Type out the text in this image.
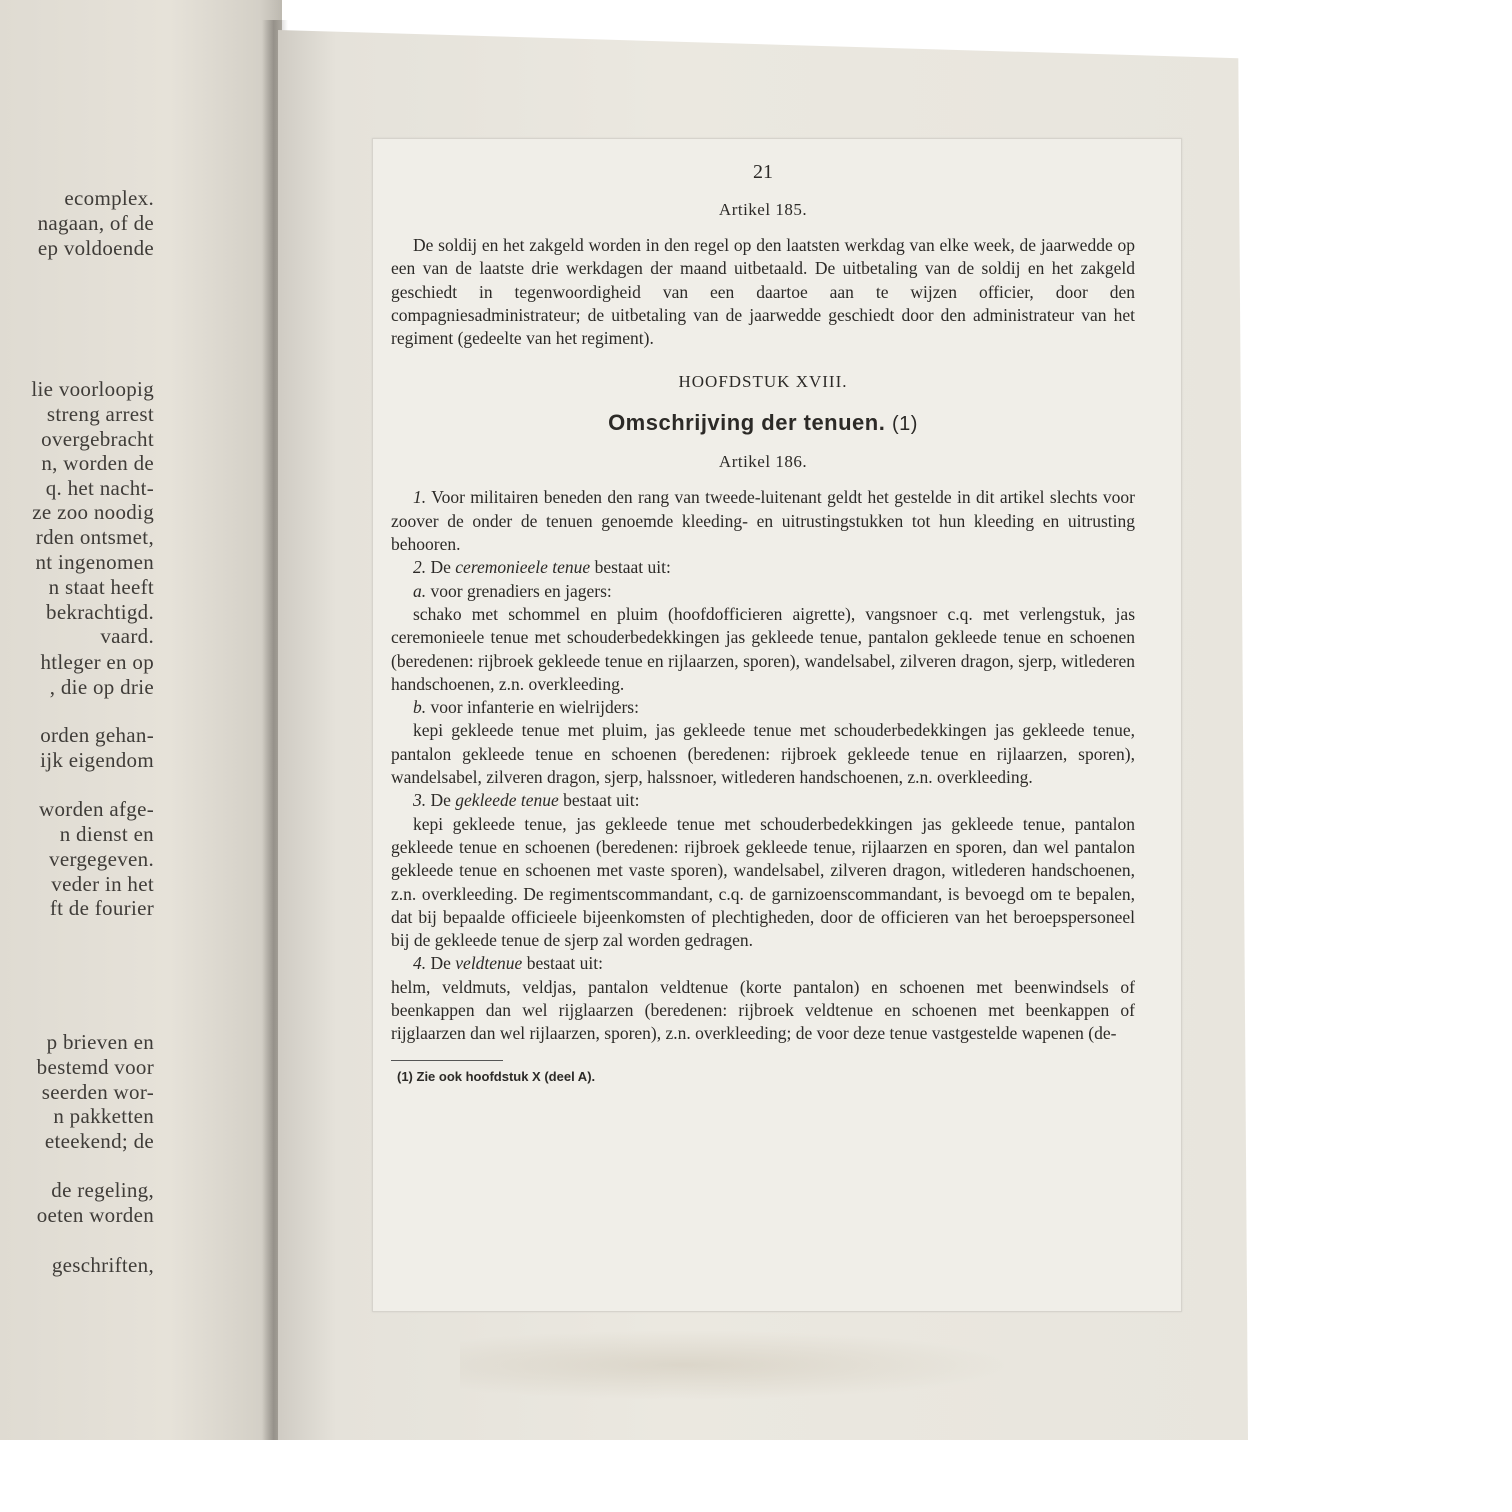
ecomplex.
nagaan, of de
ep voldoende
lie voorloopig
streng arrest
overgebracht
n, worden de
q. het nacht-
ze zoo noodig
rden ontsmet,
nt ingenomen
n staat heeft
bekrachtigd.
vaard.
htleger en op
, die op drie
orden gehan-
ijk eigendom
worden afge-
n dienst en
vergegeven.
veder in het
ft de fourier
p brieven en
bestemd voor
seerden wor-
n pakketten
eteekend; de
de regeling,
oeten worden
geschriften,
21
Artikel 185.

De soldij en het zakgeld worden in den regel op den laatsten werkdag van elke week, de jaarwedde op een van de laatste drie werkdagen der maand uitbetaald. De uitbetaling van de soldij en het zakgeld geschiedt in tegenwoordigheid van een daartoe aan te wijzen officier, door den compagniesadministrateur; de uitbetaling van de jaarwedde geschiedt door den administrateur van het regiment (gedeelte van het regiment).

HOOFDSTUK XVIII.
Omschrijving der tenuen. (1)
Artikel 186.

1. Voor militairen beneden den rang van tweede-luitenant geldt het gestelde in dit artikel slechts voor zoover de onder de tenuen genoemde kleeding- en uitrustingstukken tot hun kleeding en uitrusting behooren.

2. De ceremonieele tenue bestaat uit:

a. voor grenadiers en jagers:

schako met schommel en pluim (hoofdofficieren aigrette), vangsnoer c.q. met verlengstuk, jas ceremonieele tenue met schouderbedekkingen jas gekleede tenue, pantalon gekleede tenue en schoenen (beredenen: rijbroek gekleede tenue en rijlaarzen, sporen), wandelsabel, zilveren dragon, sjerp, witlederen handschoenen, z.n. overkleeding.

b. voor infanterie en wielrijders:

kepi gekleede tenue met pluim, jas gekleede tenue met schouderbedekkingen jas gekleede tenue, pantalon gekleede tenue en schoenen (beredenen: rijbroek gekleede tenue en rijlaarzen, sporen), wandelsabel, zilveren dragon, sjerp, halssnoer, witlederen handschoenen, z.n. overkleeding.

3. De gekleede tenue bestaat uit:

kepi gekleede tenue, jas gekleede tenue met schouderbedekkingen jas gekleede tenue, pantalon gekleede tenue en schoenen (beredenen: rijbroek gekleede tenue, rijlaarzen en sporen, dan wel pantalon gekleede tenue en schoenen met vaste sporen), wandelsabel, zilveren dragon, witlederen handschoenen, z.n. overkleeding. De regimentscommandant, c.q. de garnizoenscommandant, is bevoegd om te bepalen, dat bij bepaalde officieele bijeenkomsten of plechtigheden, door de officieren van het beroepspersoneel bij de gekleede tenue de sjerp zal worden gedragen.

4. De veldtenue bestaat uit:

helm, veldmuts, veldjas, pantalon veldtenue (korte pantalon) en schoenen met beenwindsels of beenkappen dan wel rijglaarzen (beredenen: rijbroek veldtenue en schoenen met beenkappen of rijglaarzen dan wel rijlaarzen, sporen), z.n. overkleeding; de voor deze tenue vastgestelde wapenen (de-

(1) Zie ook hoofdstuk X (deel A).
